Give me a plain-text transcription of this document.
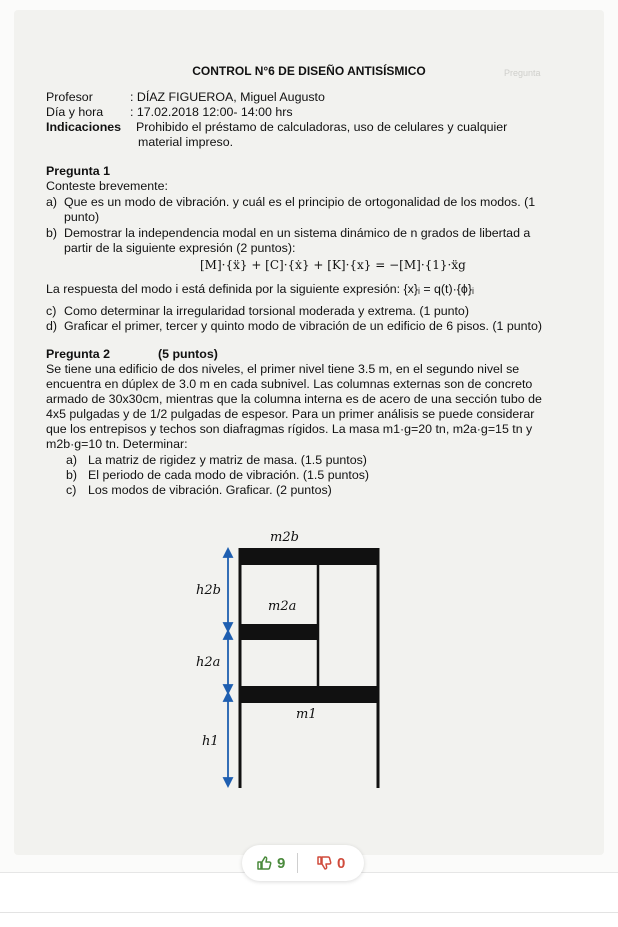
Pregunta
CONTROL N°6 DE DISEÑO ANTISÍSMICO
Profesor	: DÍAZ FIGUEROA, Miguel Augusto
Día y hora : 17.02.2018 12:00- 14:00 hrs
Indicaciones Prohibido el préstamo de calculadoras, uso de celulares y cualquier
material impreso.
Pregunta 1
Conteste brevemente:
a) Que es un modo de vibración. y cuál es el principio de ortogonalidad de los modos. (1
punto)
b) Demostrar la independencia modal en un sistema dinámico de n grados de libertad a
partir de la siguiente expresión (2 puntos):
[M]·{ẍ} + [C]·{ẋ} + [K]·{x} = −[M]·{1}·ẍg
La respuesta del modo i está definida por la siguiente expresión: {x}ᵢ = q(t)·{ϕ}ᵢ
c) Como determinar la irregularidad torsional moderada y extrema. (1 punto)
d) Graficar el primer, tercer y quinto modo de vibración de un edificio de 6 pisos. (1 punto)
Pregunta 2	(5 puntos)
Se tiene una edificio de dos niveles, el primer nivel tiene 3.5 m, en el segundo nivel se
encuentra en dúplex de 3.0 m en cada subnivel. Las columnas externas son de concreto
armado de 30x30cm, mientras que la columna interna es de acero de una sección tubo de
4x5 pulgadas y de 1/2 pulgadas de espesor. Para un primer análisis se puede considerar
que los entrepisos y techos son diafragmas rígidos. La masa m1·g=20 tn, m2a·g=15 tn y
m2b·g=10 tn. Determinar:
a) La matriz de rigidez y matriz de masa. (1.5 puntos)
b) El periodo de cada modo de vibración. (1.5 puntos)
c) Los modos de vibración. Graficar. (2 puntos)
m2b
m2a
m1
h2b
h2a
h1
9	0
